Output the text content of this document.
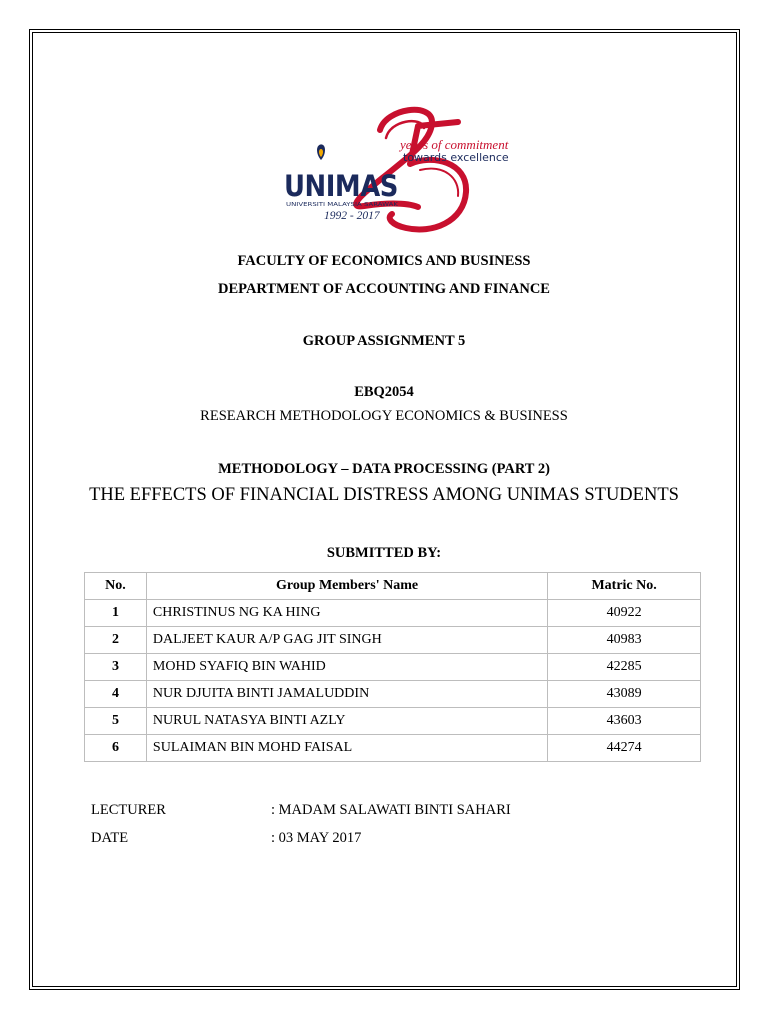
years of commitment
towards excellence
UNIMAS
UNIVERSITI MALAYSIA SARAWAK
1992 - 2017
FACULTY OF ECONOMICS AND BUSINESS
DEPARTMENT OF ACCOUNTING AND FINANCE
GROUP ASSIGNMENT 5
EBQ2054
RESEARCH METHODOLOGY ECONOMICS & BUSINESS
METHODOLOGY – DATA PROCESSING (PART 2)
THE EFFECTS OF FINANCIAL DISTRESS AMONG UNIMAS STUDENTS
SUBMITTED BY:
No.	Group Members' Name	Matric No.
1	CHRISTINUS NG KA HING	40922
2	DALJEET KAUR A/P GAG JIT SINGH	40983
3	MOHD SYAFIQ BIN WAHID	42285
4	NUR DJUITA BINTI JAMALUDDIN	43089
5	NURUL NATASYA BINTI AZLY	43603
6	SULAIMAN BIN MOHD FAISAL	44274
LECTURER	: MADAM SALAWATI BINTI SAHARI
DATE	: 03 MAY 2017
